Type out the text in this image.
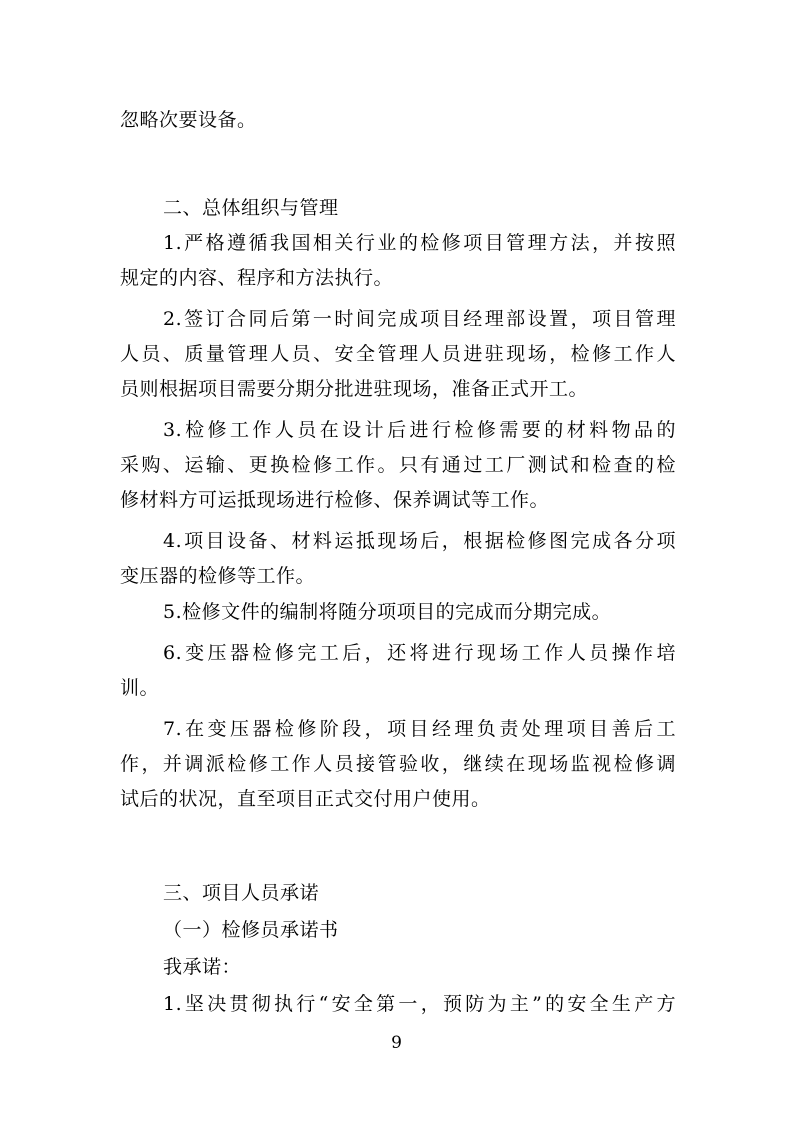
忽略次要设备。
二、总体组织与管理
1.严格遵循我国相关行业的检修项目管理方法，并按照
规定的内容、程序和方法执行。
2.签订合同后第一时间完成项目经理部设置，项目管理
人员、质量管理人员、安全管理人员进驻现场，检修工作人
员则根据项目需要分期分批进驻现场，准备正式开工。
3.检修工作人员在设计后进行检修需要的材料物品的
采购、运输、更换检修工作。只有通过工厂测试和检查的检
修材料方可运抵现场进行检修、保养调试等工作。
4.项目设备、材料运抵现场后，根据检修图完成各分项
变压器的检修等工作。
5.检修文件的编制将随分项项目的完成而分期完成。
6.变压器检修完工后，还将进行现场工作人员操作培
训。
7.在变压器检修阶段，项目经理负责处理项目善后工
作，并调派检修工作人员接管验收，继续在现场监视检修调
试后的状况，直至项目正式交付用户使用。
三、项目人员承诺
（一）检修员承诺书
我承诺：
1.坚决贯彻执行“安全第一，预防为主”的安全生产方
9
